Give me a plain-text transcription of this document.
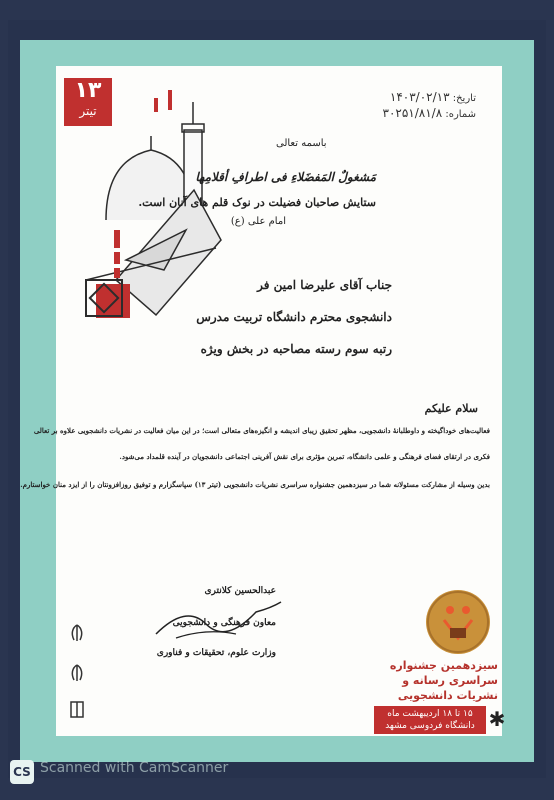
تاریخ: ۱۴۰۳/۰۲/۱۳
شماره: ۳۰۲۵۱/۸۱/۸
۱۳
تیتر
باسمه تعالی
مَشغولٌ المَفضَلاءِ فی اطرافِ أقلامِها
ستایش صاحبان فضیلت در نوک قلم های آنان است.
امام علی (ع)
جناب آقای علیرضا امین فر
دانشجوی محترم دانشگاه تربیت مدرس
رتبه سوم رسته مصاحبه در بخش ویژه
سلام علیکم
فعالیت‌های خوداگیخته و داوطلبانهٔ دانشجویی، مظهر تحقیق زیبای اندیشه و انگیزه‌های متعالی است؛ در این میان فعالیت در نشریات دانشجویی علاوه بر تعالی
فکری در ارتقای فضای فرهنگی و علمی دانشگاه، تمرین مؤثری برای نقش آفرینی اجتماعی دانشجویان در آینده قلمداد می‌شود.
بدین وسیله از مشارکت مسئولانه شما در سیزدهمین جشنواره سراسری نشریات دانشجویی (تیتر ۱۳) سپاسگزارم و توفیق روزافزونتان را از ایزد منان خواستارم.
عبدالحسین کلانتری
معاون فرهنگی و دانشجویی
وزارت علوم، تحقیقات و فناوری
سیزدهمین جشنواره
سراسری رسانه و
نشریات دانشجویی
۱۵ تا ۱۸ اردیبهشت ماه
دانشگاه فردوسی مشهد ✱
CS Scanned with CamScanner
